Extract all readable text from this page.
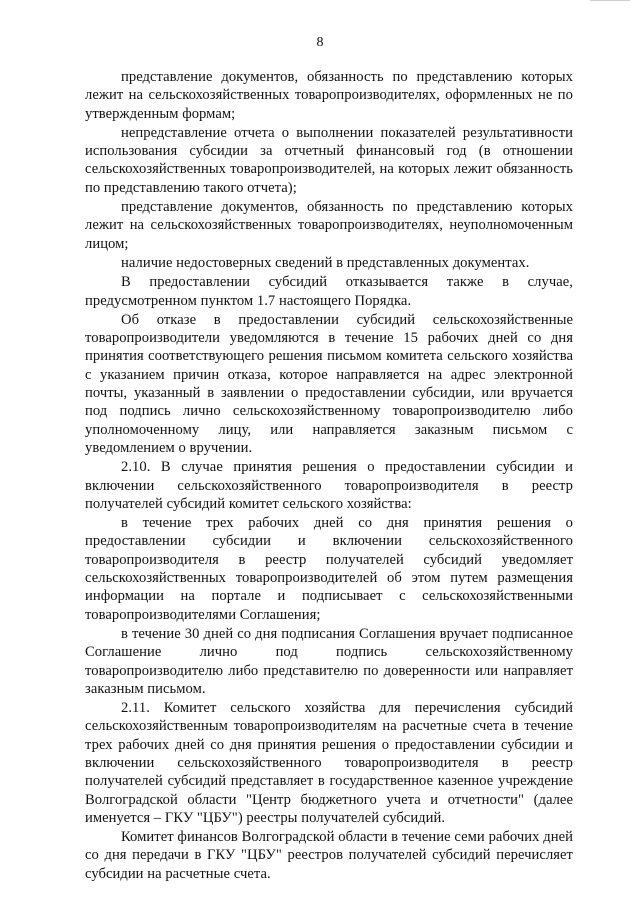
8

представление документов, обязанность по представлению которых лежит на сельскохозяйственных товаропроизводителях, оформленных не по утвержденным формам;

непредставление отчета о выполнении показателей результативности использования субсидии за отчетный финансовый год (в отношении сельскохозяйственных товаропроизводителей, на которых лежит обязанность по представлению такого отчета);

представление документов, обязанность по представлению которых лежит на сельскохозяйственных товаропроизводителях, неуполномоченным лицом;

наличие недостоверных сведений в представленных документах.

В предоставлении субсидий отказывается также в случае, предусмотренном пунктом 1.7 настоящего Порядка.

Об отказе в предоставлении субсидий сельскохозяйственные товаропроизводители уведомляются в течение 15 рабочих дней со дня принятия соответствующего решения письмом комитета сельского хозяйства с указанием причин отказа, которое направляется на адрес электронной почты, указанный в заявлении о предоставлении субсидии, или вручается под подпись лично сельскохозяйственному товаропроизводителю либо уполномоченному лицу, или направляется заказным письмом с уведомлением о вручении.

2.10. В случае принятия решения о предоставлении субсидии и включении сельскохозяйственного товаропроизводителя в реестр получателей субсидий комитет сельского хозяйства:

в течение трех рабочих дней со дня принятия решения о предоставлении субсидии и включении сельскохозяйственного товаропроизводителя в реестр получателей субсидий уведомляет сельскохозяйственных товаропроизводителей об этом путем размещения информации на портале и подписывает с сельскохозяйственными товаропроизводителями Соглашения;

в течение 30 дней со дня подписания Соглашения вручает подписанное Соглашение лично под подпись сельскохозяйственному товаропроизводителю либо представителю по доверенности или направляет заказным письмом.

2.11. Комитет сельского хозяйства для перечисления субсидий сельскохозяйственным товаропроизводителям на расчетные счета в течение трех рабочих дней со дня принятия решения о предоставлении субсидии и включении сельскохозяйственного товаропроизводителя в реестр получателей субсидий представляет в государственное казенное учреждение Волгоградской области "Центр бюджетного учета и отчетности" (далее именуется – ГКУ "ЦБУ") реестры получателей субсидий.

Комитет финансов Волгоградской области в течение семи рабочих дней со дня передачи в ГКУ "ЦБУ" реестров получателей субсидий перечисляет субсидии на расчетные счета.
